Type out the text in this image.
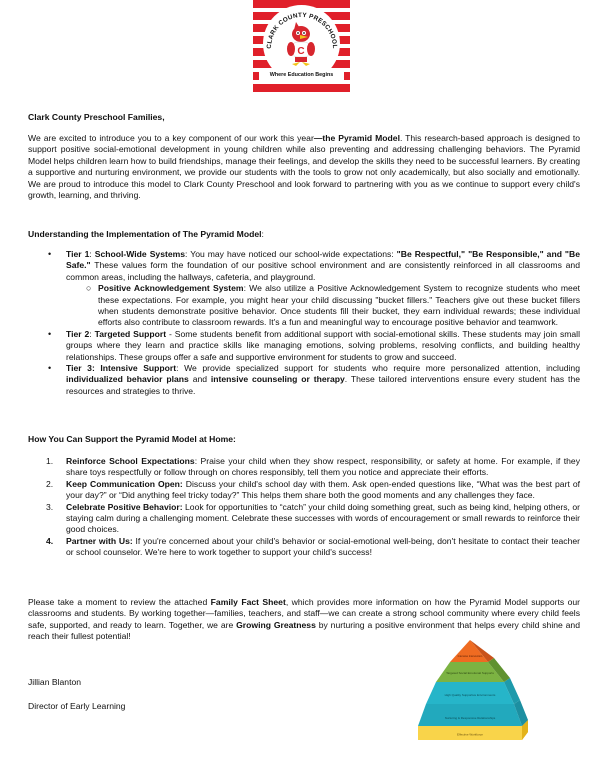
CLARK COUNTY PRESCHOOL
C
Where Education Begins
Clark County Preschool Families,
We are excited to introduce you to a key component of our work this year—the Pyramid Model. This research-based approach is designed to support positive social-emotional development in young children while also preventing and addressing challenging behaviors. The Pyramid Model helps children learn how to build friendships, manage their feelings, and develop the skills they need to be successful learners. By creating a supportive and nurturing environment, we provide our students with the tools to grow not only academically, but also socially and emotionally. We are proud to introduce this model to Clark County Preschool and look forward to partnering with you as we continue to support every child's growth, learning, and thriving.
Understanding the Implementation of The Pyramid Model:
• Tier 1: School-Wide Systems: You may have noticed our school-wide expectations: "Be Respectful," "Be Responsible," and "Be Safe." These values form the foundation of our positive school environment and are consistently reinforced in all classrooms and common areas, including the hallways, cafeteria, and playground.
○ Positive Acknowledgement System: We also utilize a Positive Acknowledgement System to recognize students who meet these expectations. For example, you might hear your child discussing "bucket fillers." Teachers give out these bucket fillers when students demonstrate positive behavior. Once students fill their bucket, they earn individual rewards; these individual efforts also contribute to classroom rewards. It's a fun and meaningful way to encourage positive behavior and teamwork.
• Tier 2: Targeted Support - Some students benefit from additional support with social-emotional skills. These students may join small groups where they learn and practice skills like managing emotions, solving problems, resolving conflicts, and building healthy relationships. These groups offer a safe and supportive environment for students to grow and succeed.
• Tier 3: Intensive Support: We provide specialized support for students who require more personalized attention, including individualized behavior plans and intensive counseling or therapy. These tailored interventions ensure every student has the resources and strategies to thrive.
How You Can Support the Pyramid Model at Home:
1. Reinforce School Expectations: Praise your child when they show respect, responsibility, or safety at home. For example, if they share toys respectfully or follow through on chores responsibly, tell them you notice and appreciate their efforts.
2. Keep Communication Open: Discuss your child's school day with them. Ask open-ended questions like, “What was the best part of your day?” or “Did anything feel tricky today?” This helps them share both the good moments and any challenges they face.
3. Celebrate Positive Behavior: Look for opportunities to “catch” your child doing something great, such as being kind, helping others, or staying calm during a challenging moment. Celebrate these successes with words of encouragement or small rewards to reinforce their good choices.
4. Partner with Us: If you're concerned about your child's behavior or social-emotional well-being, don't hesitate to contact their teacher or school counselor. We're here to work together to support your child's success!
Please take a moment to review the attached Family Fact Sheet, which provides more information on how the Pyramid Model supports our classrooms and students. By working together—families, teachers, and staff—we can create a strong school community where every child feels safe, supported, and ready to learn. Together, we are Growing Greatness by nurturing a positive environment that helps every child shine and reach their fullest potential!
Jillian Blanton
Director of Early Learning
Effective Workforce
Nurturing & Responsive Relationships
High Quality Supportive Environments
Targeted Social Emotional Supports
Intensive Intervention
